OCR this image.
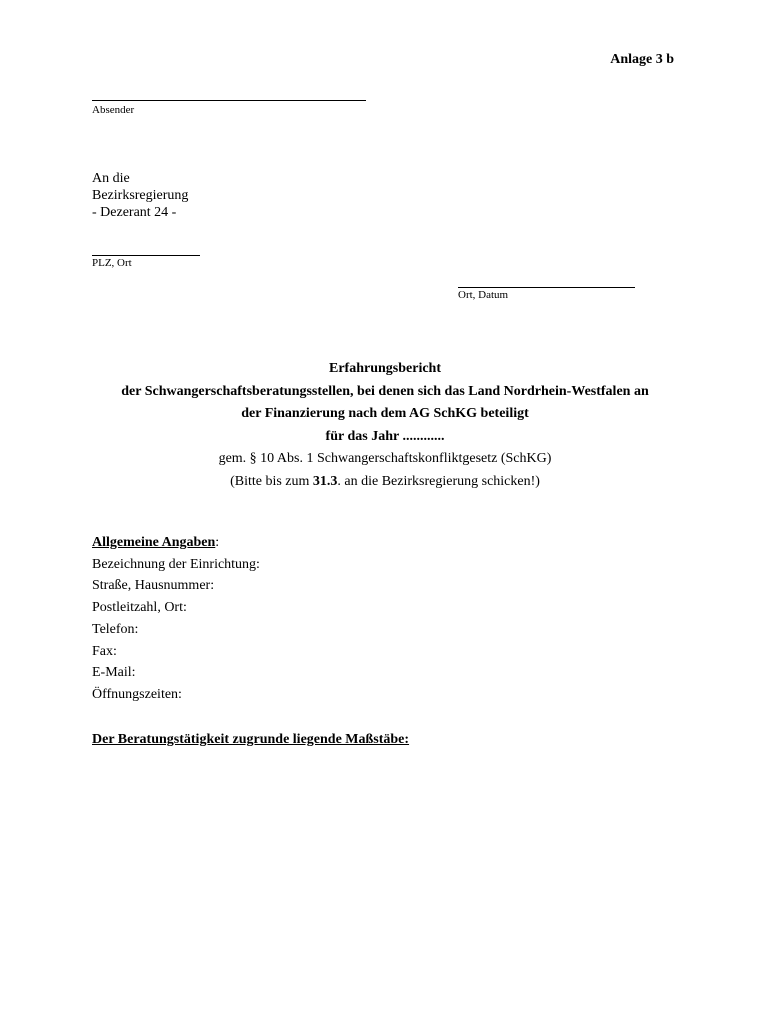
Anlage 3 b
Absender
An die
Bezirksregierung
- Dezerant 24 -
PLZ, Ort
Ort, Datum
Erfahrungsbericht
der Schwangerschaftsberatungsstellen, bei denen sich das Land Nordrhein-Westfalen an
der Finanzierung nach dem AG SchKG beteiligt
für das Jahr ............
gem. § 10 Abs. 1 Schwangerschaftskonfliktgesetz (SchKG)
(Bitte bis zum 31.3. an die Bezirksregierung schicken!)
Allgemeine Angaben:
Bezeichnung der Einrichtung:
Straße, Hausnummer:
Postleitzahl, Ort:
Telefon:
Fax:
E-Mail:
Öffnungszeiten:
Der Beratungstätigkeit zugrunde liegende Maßstäbe:
